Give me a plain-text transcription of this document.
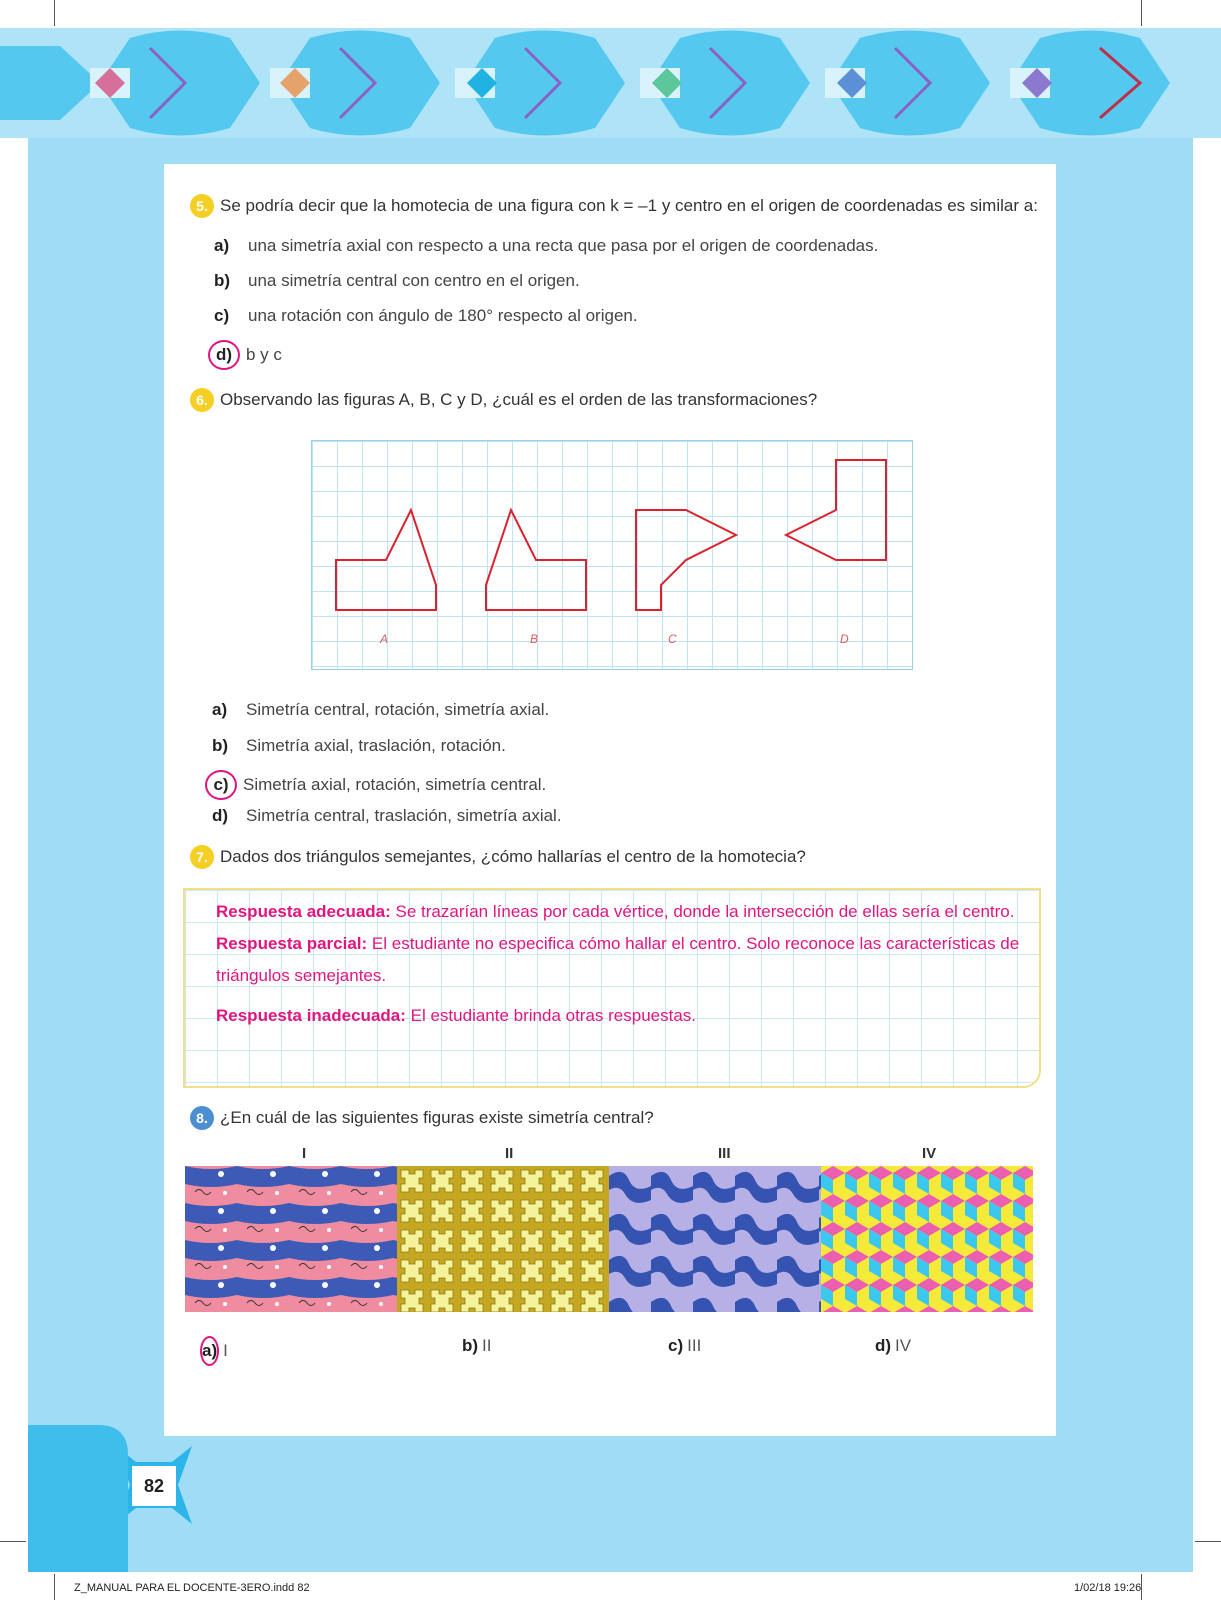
5. Se podría decir que la homotecia de una figura con k = –1 y centro en el origen de coordenadas es similar a:
a)	una simetría axial con respecto a una recta que pasa por el origen de coordenadas.
b)	una simetría central con centro en el origen.
c)	una rotación con ángulo de 180° respecto al origen.
d) b y c
6. Observando las figuras A, B, C y D, ¿cuál es el orden de las transformaciones?
A	B	C	D
a)	Simetría central, rotación, simetría axial.
b)	Simetría axial, traslación, rotación.
c) Simetría axial, rotación, simetría central.
d)	Simetría central, traslación, simetría axial.
7. Dados dos triángulos semejantes, ¿cómo hallarías el centro de la homotecia?
Respuesta adecuada: Se trazarían líneas por cada vértice, donde la intersección de ellas sería el centro.
Respuesta parcial: El estudiante no especifica cómo hallar el centro. Solo reconoce las características de triángulos semejantes.
Respuesta inadecuada: El estudiante brinda otras respuestas.
8. ¿En cuál de las siguientes figuras existe simetría central?
I	II	III	IV
a) I	b) II	c) III	d) IV
82
Z_MANUAL PARA EL DOCENTE-3ERO.indd 82	1/02/18 19:26
